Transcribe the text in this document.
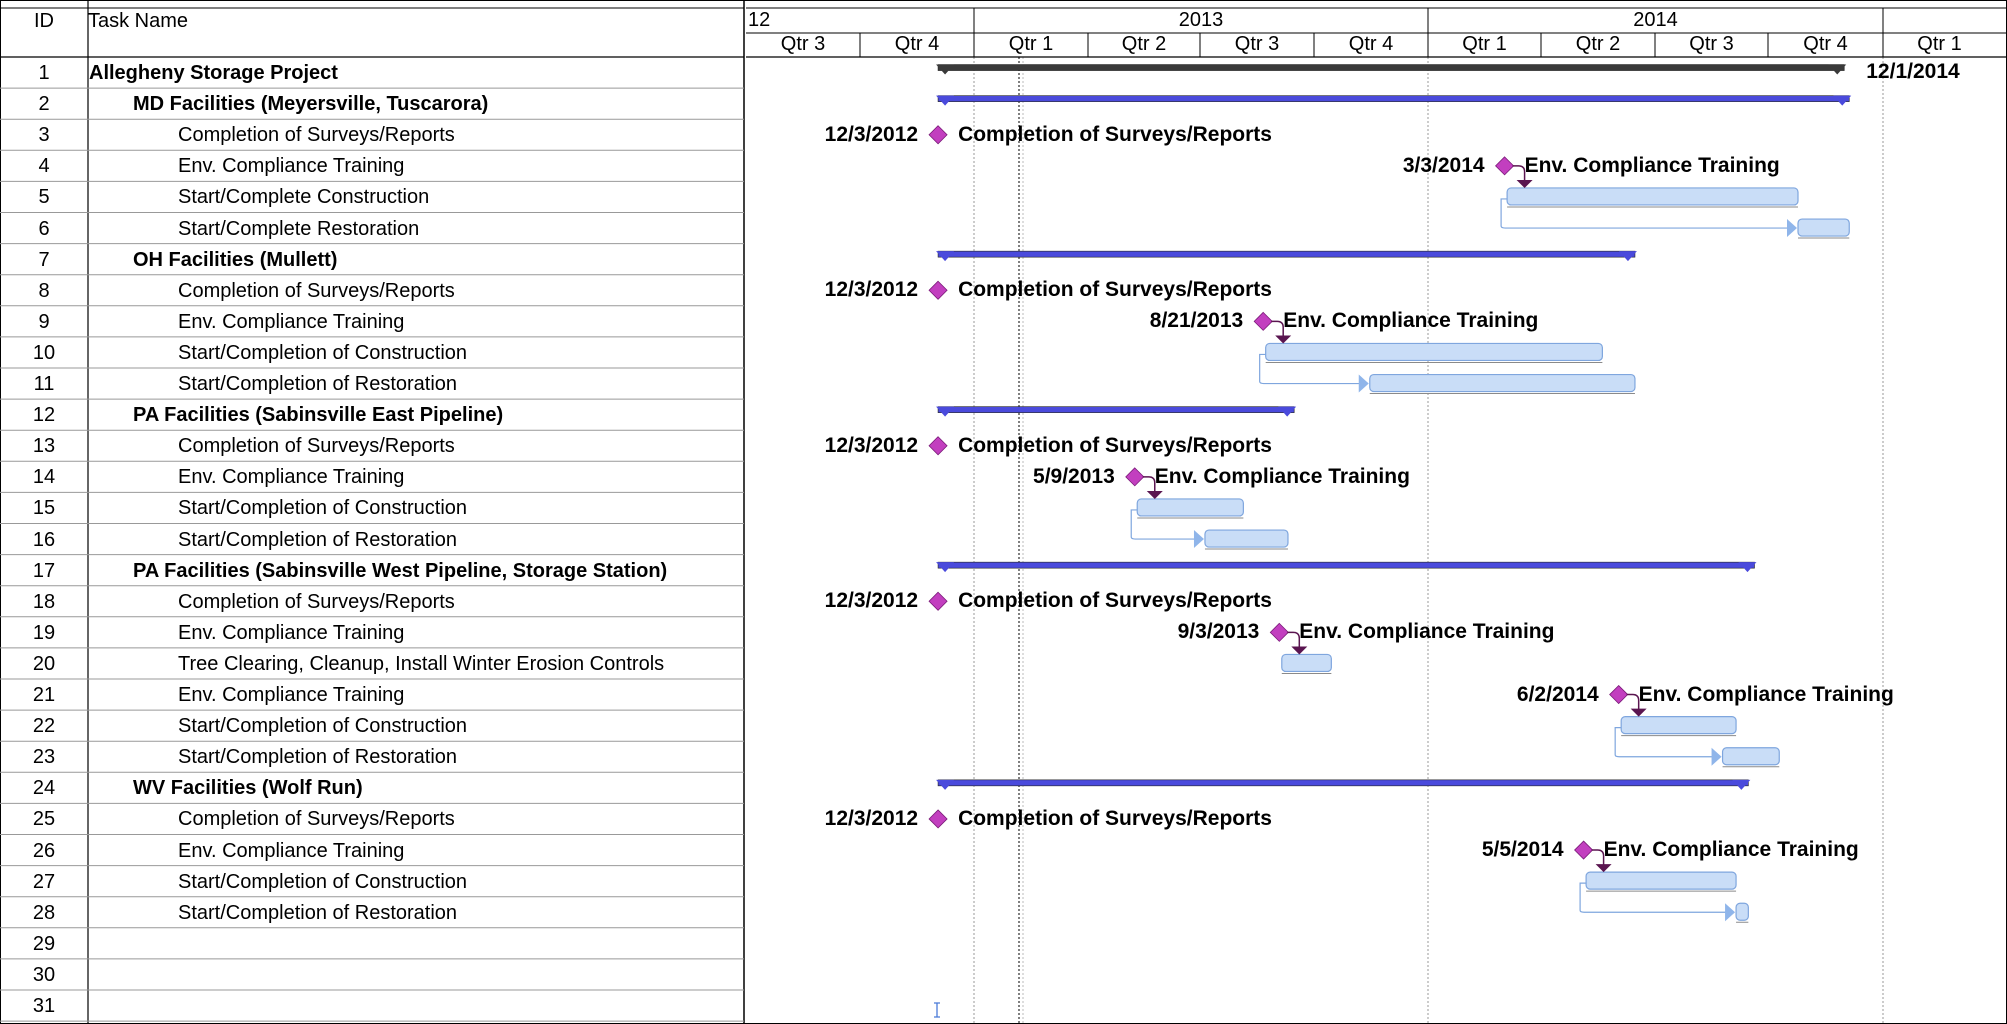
ID	Task Name
1	Allegheny Storage Project
2	MD Facilities (Meyersville, Tuscarora)
3	Completion of Surveys/Reports
4	Env. Compliance Training
5	Start/Complete Construction
6	Start/Complete Restoration
7	OH Facilities (Mullett)
8	Completion of Surveys/Reports
9	Env. Compliance Training
10	Start/Completion of Construction
11	Start/Completion of Restoration
12	PA Facilities (Sabinsville East Pipeline)
13	Completion of Surveys/Reports
14	Env. Compliance Training
15	Start/Completion of Construction
16	Start/Completion of Restoration
17	PA Facilities (Sabinsville West Pipeline, Storage Station)
18	Completion of Surveys/Reports
19	Env. Compliance Training
20	Tree Clearing, Cleanup, Install Winter Erosion Controls
21	Env. Compliance Training
22	Start/Completion of Construction
23	Start/Completion of Restoration
24	WV Facilities (Wolf Run)
25	Completion of Surveys/Reports
26	Env. Compliance Training
27	Start/Completion of Construction
28	Start/Completion of Restoration
29
30
31
12	2013	2014
Qtr 3	Qtr 4	Qtr 1	Qtr 2	Qtr 3	Qtr 4	Qtr 1	Qtr 2	Qtr 3	Qtr 4	Qtr 1
12/1/2014
12/3/2012 Completion of Surveys/Reports
3/3/2014 Env. Compliance Training
12/3/2012 Completion of Surveys/Reports
8/21/2013 Env. Compliance Training
12/3/2012 Completion of Surveys/Reports
5/9/2013 Env. Compliance Training
12/3/2012 Completion of Surveys/Reports
9/3/2013 Env. Compliance Training
6/2/2014 Env. Compliance Training
12/3/2012 Completion of Surveys/Reports
5/5/2014 Env. Compliance Training
